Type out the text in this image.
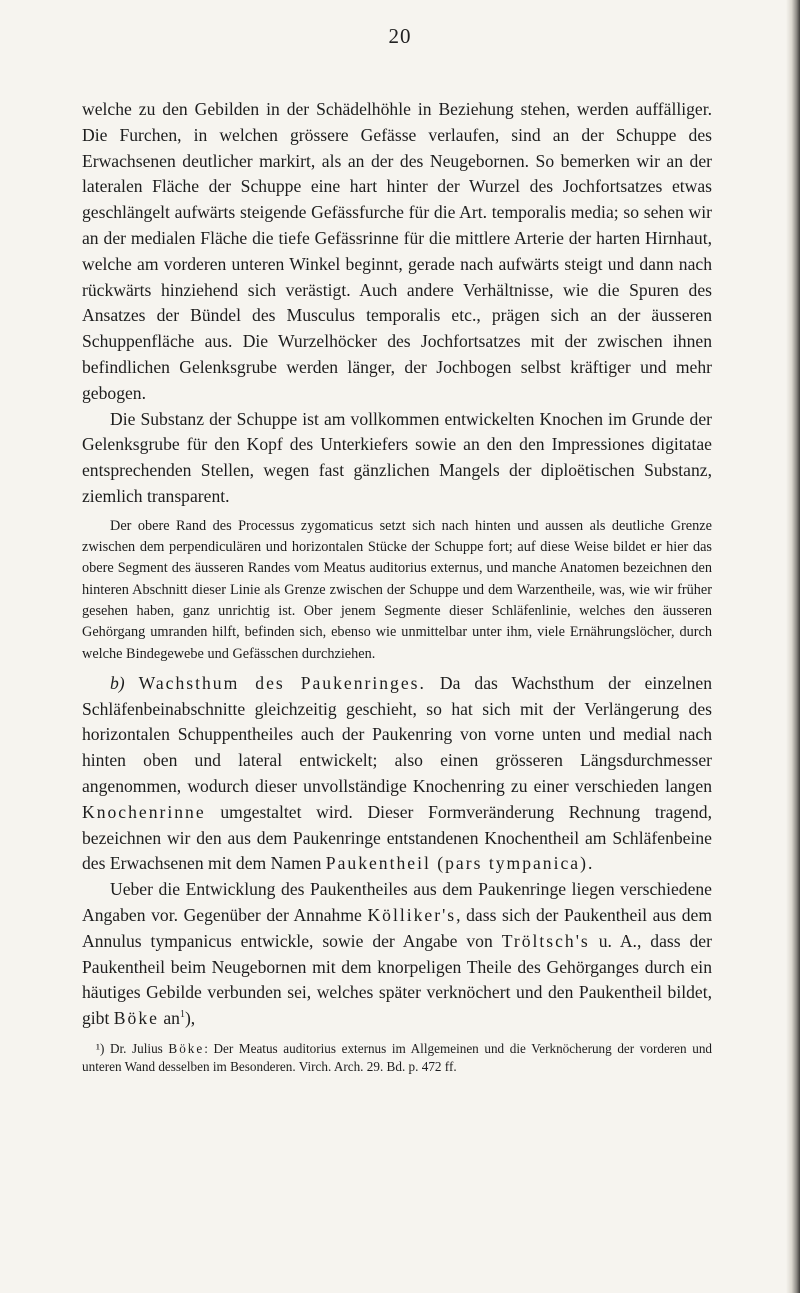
20

welche zu den Gebilden in der Schädelhöhle in Beziehung stehen, werden auffälliger. Die Furchen, in welchen grössere Gefässe verlaufen, sind an der Schuppe des Erwachsenen deutlicher markirt, als an der des Neugebornen. So bemerken wir an der lateralen Fläche der Schuppe eine hart hinter der Wurzel des Jochfortsatzes etwas geschlängelt aufwärts steigende Gefässfurche für die Art. temporalis media; so sehen wir an der medialen Fläche die tiefe Gefässrinne für die mittlere Arterie der harten Hirnhaut, welche am vorderen unteren Winkel beginnt, gerade nach aufwärts steigt und dann nach rückwärts hinziehend sich verästigt. Auch andere Verhältnisse, wie die Spuren des Ansatzes der Bündel des Musculus temporalis etc., prägen sich an der äusseren Schuppenfläche aus. Die Wurzelhöcker des Jochfortsatzes mit der zwischen ihnen befindlichen Gelenksgrube werden länger, der Jochbogen selbst kräftiger und mehr gebogen.

Die Substanz der Schuppe ist am vollkommen entwickelten Knochen im Grunde der Gelenksgrube für den Kopf des Unterkiefers sowie an den den Impressiones digitatae entsprechenden Stellen, wegen fast gänzlichen Mangels der diploëtischen Substanz, ziemlich transparent.

Der obere Rand des Processus zygomaticus setzt sich nach hinten und aussen als deutliche Grenze zwischen dem perpendiculären und horizontalen Stücke der Schuppe fort; auf diese Weise bildet er hier das obere Segment des äusseren Randes vom Meatus auditorius externus, und manche Anatomen bezeichnen den hinteren Abschnitt dieser Linie als Grenze zwischen der Schuppe und dem Warzentheile, was, wie wir früher gesehen haben, ganz unrichtig ist. Ober jenem Segmente dieser Schläfenlinie, welches den äusseren Gehörgang umranden hilft, befinden sich, ebenso wie unmittelbar unter ihm, viele Ernährungslöcher, durch welche Bindegewebe und Gefässchen durchziehen.

b) Wachsthum des Paukenringes. Da das Wachsthum der einzelnen Schläfenbeinabschnitte gleichzeitig geschieht, so hat sich mit der Verlängerung des horizontalen Schuppentheiles auch der Paukenring von vorne unten und medial nach hinten oben und lateral entwickelt; also einen grösseren Längsdurchmesser angenommen, wodurch dieser unvollständige Knochenring zu einer verschieden langen Knochenrinne umgestaltet wird. Dieser Formveränderung Rechnung tragend, bezeichnen wir den aus dem Paukenringe entstandenen Knochentheil am Schläfenbeine des Erwachsenen mit dem Namen Paukentheil (pars tympanica).

Ueber die Entwicklung des Paukentheiles aus dem Paukenringe liegen verschiedene Angaben vor. Gegenüber der Annahme Kölliker's, dass sich der Paukentheil aus dem Annulus tympanicus entwickle, sowie der Angabe von Tröltsch's u. A., dass der Paukentheil beim Neugebornen mit dem knorpeligen Theile des Gehörganges durch ein häutiges Gebilde verbunden sei, welches später verknöchert und den Paukentheil bildet, gibt Böke $an^1$),

¹) Dr. Julius Böke: Der Meatus auditorius externus im Allgemeinen und die Verknöcherung der vorderen und unteren Wand desselben im Besonderen. Virch. Arch. 29. Bd. p. 472 ff.
